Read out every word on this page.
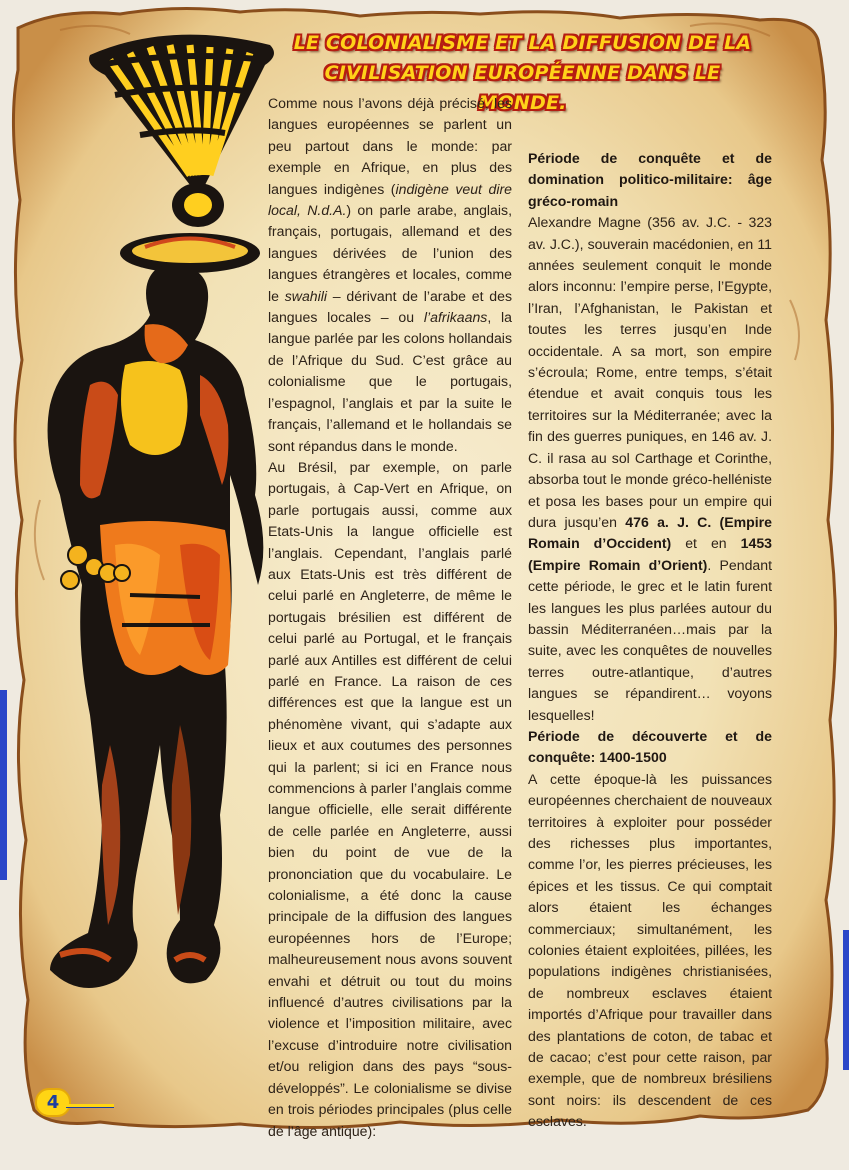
LE COLONIALISME ET LA DIFFUSION DE LA
CIVILISATION EUROPÉENNE DANS LE MONDE.

Comme nous l’avons déjà précisé, les langues européennes se parlent un peu partout dans le monde: par exemple en Afrique, en plus des langues indigènes (indigène veut dire local, N.d.A.) on parle arabe, anglais, français, portugais, allemand et des langues dérivées de l’union des langues étrangères et locales, comme le swahili – dérivant de l’arabe et des langues locales – ou l’afrikaans, la langue parlée par les colons hollandais de l’Afrique du Sud. C’est grâce au colonialisme que le portugais, l’espagnol, l’anglais et par la suite le français, l’allemand et le hollandais se sont répandus dans le monde.

Au Brésil, par exemple, on parle portugais, à Cap-Vert en Afrique, on parle portugais aussi, comme aux Etats-Unis la langue officielle est l’anglais. Cependant, l’anglais parlé aux Etats-Unis est très différent de celui parlé en Angleterre, de même le portugais brésilien est différent de celui parlé au Portugal, et le français parlé aux Antilles est différent de celui parlé en France. La raison de ces différences est que la langue est un phénomène vivant, qui s’adapte aux lieux et aux coutumes des personnes qui la parlent; si ici en France nous commencions à parler l’anglais comme langue officielle, elle serait différente de celle parlée en Angleterre, aussi bien du point de vue de la prononciation que du vocabulaire. Le colonialisme, a été donc la cause principale de la diffusion des langues européennes hors de l’Europe; malheureusement nous avons souvent envahi et détruit ou tout du moins influencé d’autres civilisations par la violence et l’imposition militaire, avec l’excuse d’introduire notre civilisation et/ou religion dans des pays “sous-développés”. Le colonialisme se divise en trois périodes principales (plus celle de l’âge antique):

Période de conquête et de domination politico-militaire: âge gréco-romain

Alexandre Magne (356 av. J.C. - 323 av. J.C.), souverain macédonien, en 11 années seulement conquit le monde alors inconnu: l’empire perse, l’Egypte, l’Iran, l’Afghanistan, le Pakistan et toutes les terres jusqu’en Inde occidentale. A sa mort, son empire s’écroula; Rome, entre temps, s’était étendue et avait conquis tous les territoires sur la Méditerranée; avec la fin des guerres puniques, en 146 av. J. C. il rasa au sol Carthage et Corinthe, absorba tout le monde gréco-helléniste et posa les bases pour un empire qui dura jusqu’en 476 a. J. C. (Empire Romain d’Occident) et en 1453 (Empire Romain d’Orient). Pendant cette période, le grec et le latin furent les langues les plus parlées autour du bassin Méditerranéen…mais par la suite, avec les conquêtes de nouvelles terres outre-atlantique, d’autres langues se répandirent… voyons lesquelles!

Période de découverte et de conquête: 1400-1500

A cette époque-là les puissances européennes cherchaient de nouveaux territoires à exploiter pour posséder des richesses plus importantes, comme l’or, les pierres précieuses, les épices et les tissus. Ce qui comptait alors étaient les échanges commerciaux; simultanément, les colonies étaient exploitées, pillées, les populations indigènes christianisées, de nombreux esclaves étaient importés d’Afrique pour travailler dans des plantations de coton, de tabac et de cacao; c’est pour cette raison, par exemple, que de nombreux brésiliens sont noirs: ils descendent de ces esclaves.

4
